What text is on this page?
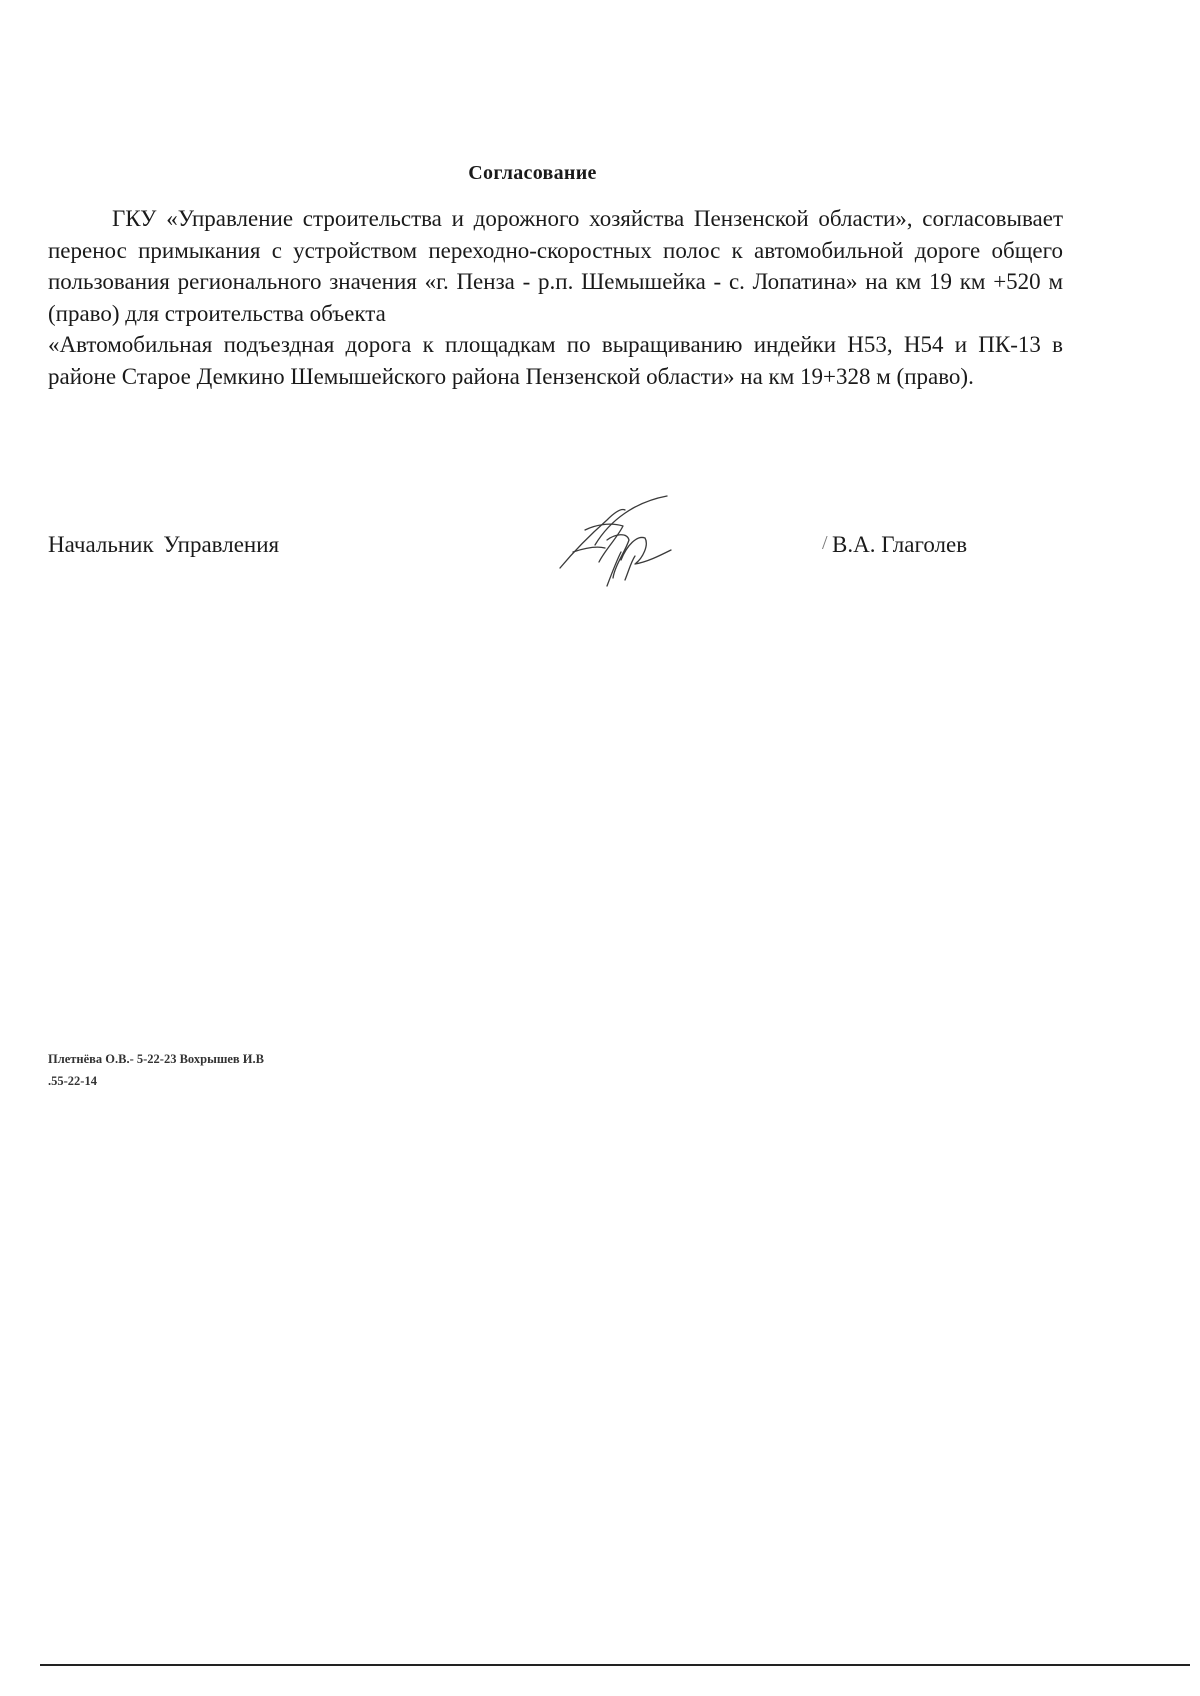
Согласование

ГКУ «Управление строительства и дорожного хозяйства Пензенской области», согласовывает перенос примыкания с устройством переходно-скоростных полос к автомобильной дороге общего пользования регионального значения «г. Пенза - р.п. Шемышейка - с. Лопатина» на км 19 км +520 м (право) для строительства объекта

«Автомобильная подъездная дорога к площадкам по выращиванию индейки Н53, Н54 и ПК-13 в районе Старое Демкино Шемышейского района Пензенской области» на км 19+328 м (право).

Начальник Управления	/ В.А. Глаголев
Плетнёва О.В.- 5-22-23 Вохрышев И.В
.55-22-14
